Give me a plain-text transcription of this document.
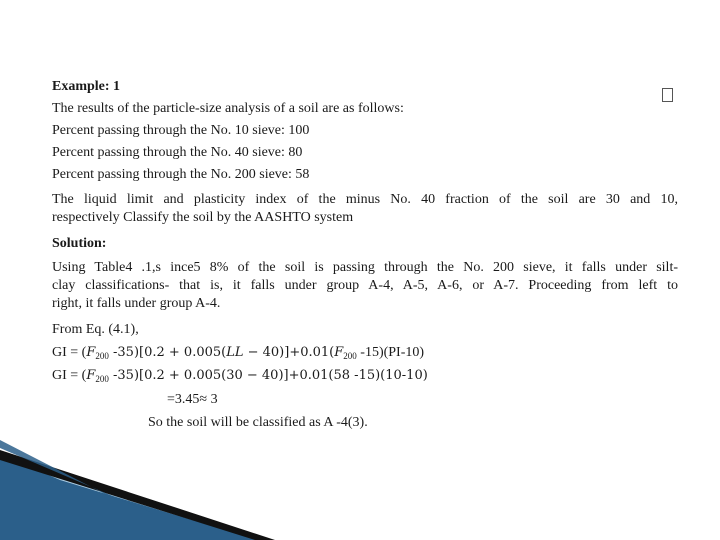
Example: 1
The results of the particle-size analysis of a soil are as follows:
Percent passing through the No. 10 sieve: 100
Percent passing through the No. 40 sieve: 80
Percent passing through the No. 200 sieve: 58
The liquid limit and plasticity index of the minus No. 40 fraction of the soil are 30 and 10,
respectively Classify the soil by the AASHTO system
Solution:
Using Table4 .1,s ince5 8% of the soil is passing through the No. 200 sieve, it falls under silt-
clay classifications- that is, it falls under group A-4, A-5, A-6, or A-7. Proceeding from left to
right, it falls under group A-4.
From Eq. (4.1),
GI = ($F_{200}$ $-35)[0.2 + 0.005(LL - 40)]+0.01(F_{200}$ -15)(PI-10)
GI = ($F_{200}$ -35)[0.2 + 0.005(30 − 40)]+0.01(58 -15)(10-10)
=3.45≈ 3
So the soil will be classified as A -4(3).
